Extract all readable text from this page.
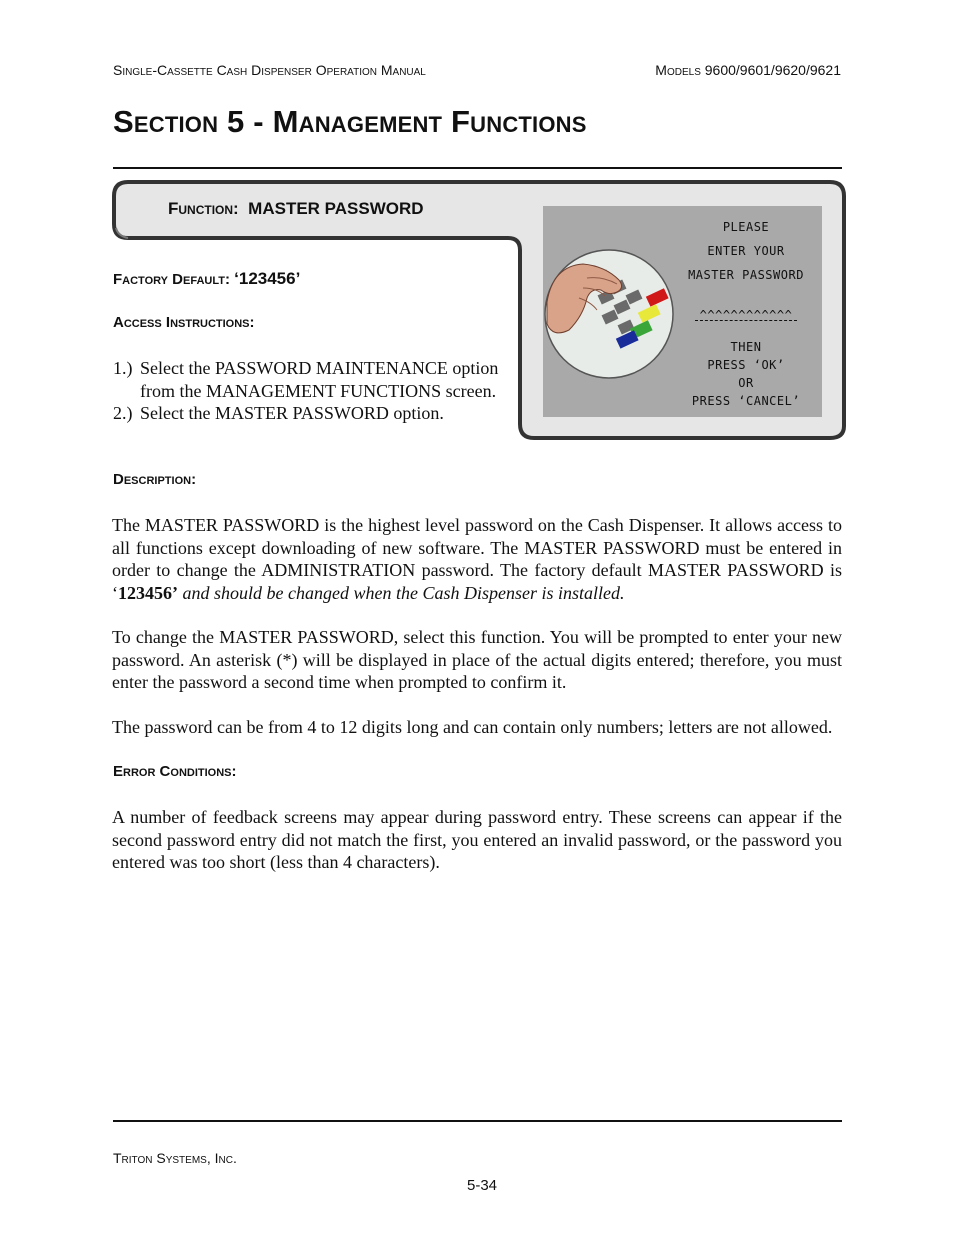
Single-Cassette Cash Dispenser Operation Manual	Models 9600/9601/9620/9621
Section 5 - Management Functions
Function: MASTER PASSWORD
PLEASE
ENTER YOUR
MASTER PASSWORD
^^^^^^^^^^^^
THEN
PRESS ‘OK’
OR
PRESS ‘CANCEL’
Factory Default: ‘123456’
Access Instructions:
1.) Select the PASSWORD MAINTENANCE option from the MANAGEMENT FUNCTIONS screen.
2.) Select the MASTER PASSWORD option.
Description:

The MASTER PASSWORD is the highest level password on the Cash Dispenser. It allows access to all functions except downloading of new software. The MASTER PASSWORD must be entered in order to change the ADMINISTRATION password. The factory default MASTER PASSWORD is ‘123456’ and should be changed when the Cash Dispenser is installed.

To change the MASTER PASSWORD, select this function. You will be prompted to enter your new password. An asterisk (*) will be displayed in place of the actual digits entered; therefore, you must enter the password a second time when prompted to confirm it.

The password can be from 4 to 12 digits long and can contain only numbers; letters are not allowed.

Error Conditions:

A number of feedback screens may appear during password entry. These screens can appear if the second password entry did not match the first, you entered an invalid password, or the password you entered was too short (less than 4 characters).

Triton Systems, Inc.
5-34
